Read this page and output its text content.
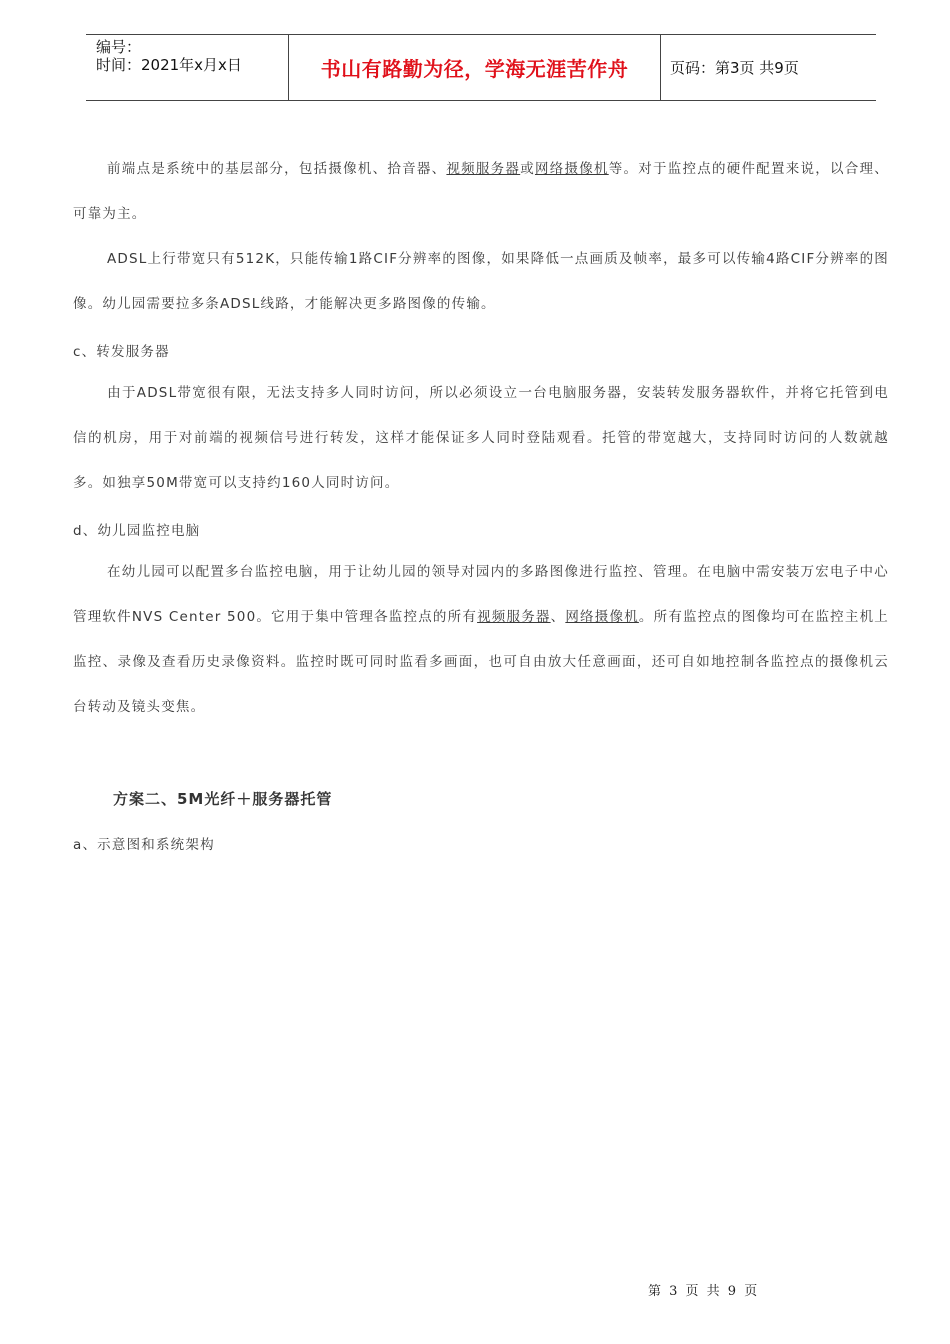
编号：
时间：2021年x月x日	书山有路勤为径，学海无涯苦作舟	页码：第3页 共9页
前端点是系统中的基层部分，包括摄像机、拾音器、视频服务器或网络摄像机等。对于监控点的硬件配置来说，以合理、可靠为主。
ADSL上行带宽只有512K，只能传输1路CIF分辨率的图像，如果降低一点画质及帧率，最多可以传输4路CIF分辨率的图像。幼儿园需要拉多条ADSL线路，才能解决更多路图像的传输。
c、转发服务器
由于ADSL带宽很有限，无法支持多人同时访问，所以必须设立一台电脑服务器，安装转发服务器软件，并将它托管到电信的机房，用于对前端的视频信号进行转发，这样才能保证多人同时登陆观看。托管的带宽越大，支持同时访问的人数就越多。如独享50M带宽可以支持约160人同时访问。
d、幼儿园监控电脑
在幼儿园可以配置多台监控电脑，用于让幼儿园的领导对园内的多路图像进行监控、管理。在电脑中需安装万宏电子中心管理软件NVS Center 500。它用于集中管理各监控点的所有视频服务器、网络摄像机。所有监控点的图像均可在监控主机上监控、录像及查看历史录像资料。监控时既可同时监看多画面，也可自由放大任意画面，还可自如地控制各监控点的摄像机云台转动及镜头变焦。
方案二、5M光纤＋服务器托管
a、示意图和系统架构
第 3 页 共 9 页
